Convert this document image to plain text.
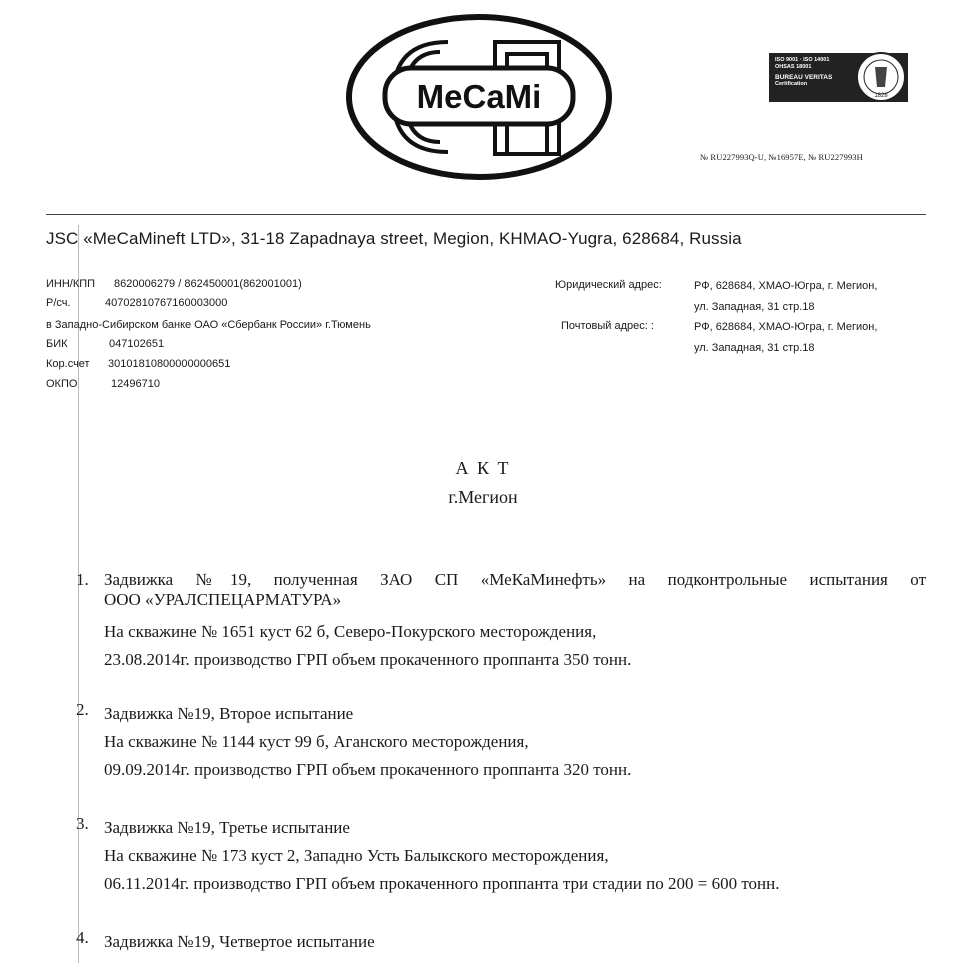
MeCaMi
ISO 9001 · ISO 14001
OHSAS 18001
BUREAU VERITAS
Certification
1828
№ RU227993Q-U, №16957E, № RU227993H
JSC «MeCaMineft LTD», 31-18 Zapadnaya street, Megion, KHMAO-Yugra, 628684, Russia
ИНН/КПП 8620006279 / 862450001(862001001)
Р/сч.	40702810767160003000
в Западно-Сибирском банке ОАО «Сбербанк России» г.Тюмень
БИК	047102651
Кор.счет 30101810800000000651
ОКПО	12496710
Юридический адрес:	РФ, 628684, ХМАО-Югра, г. Мегион,
ул. Западная, 31 стр.18
Почтовый адрес: :	РФ, 628684, ХМАО-Югра, г. Мегион,
ул. Западная, 31 стр.18
А К Т
г.Мегион
1. Задвижка №19, полученная ЗАО СП «МеКаМинефть» на подконтрольные испытания от
ООО «УРАЛСПЕЦАРМАТУРА»
На скважине № 1651 куст 62 б, Северо-Покурского месторождения,
23.08.2014г. производство ГРП объем прокаченного проппанта 350 тонн.
2. Задвижка №19, Второе испытание
На скважине № 1144 куст 99 б, Аганского месторождения,
09.09.2014г. производство ГРП объем прокаченного проппанта 320 тонн.
3. Задвижка №19, Третье испытание
На скважине № 173 куст 2, Западно Усть Балыкского месторождения,
06.11.2014г. производство ГРП объем прокаченного проппанта три стадии по 200 = 600 тонн.
4. Задвижка №19, Четвертое испытание
